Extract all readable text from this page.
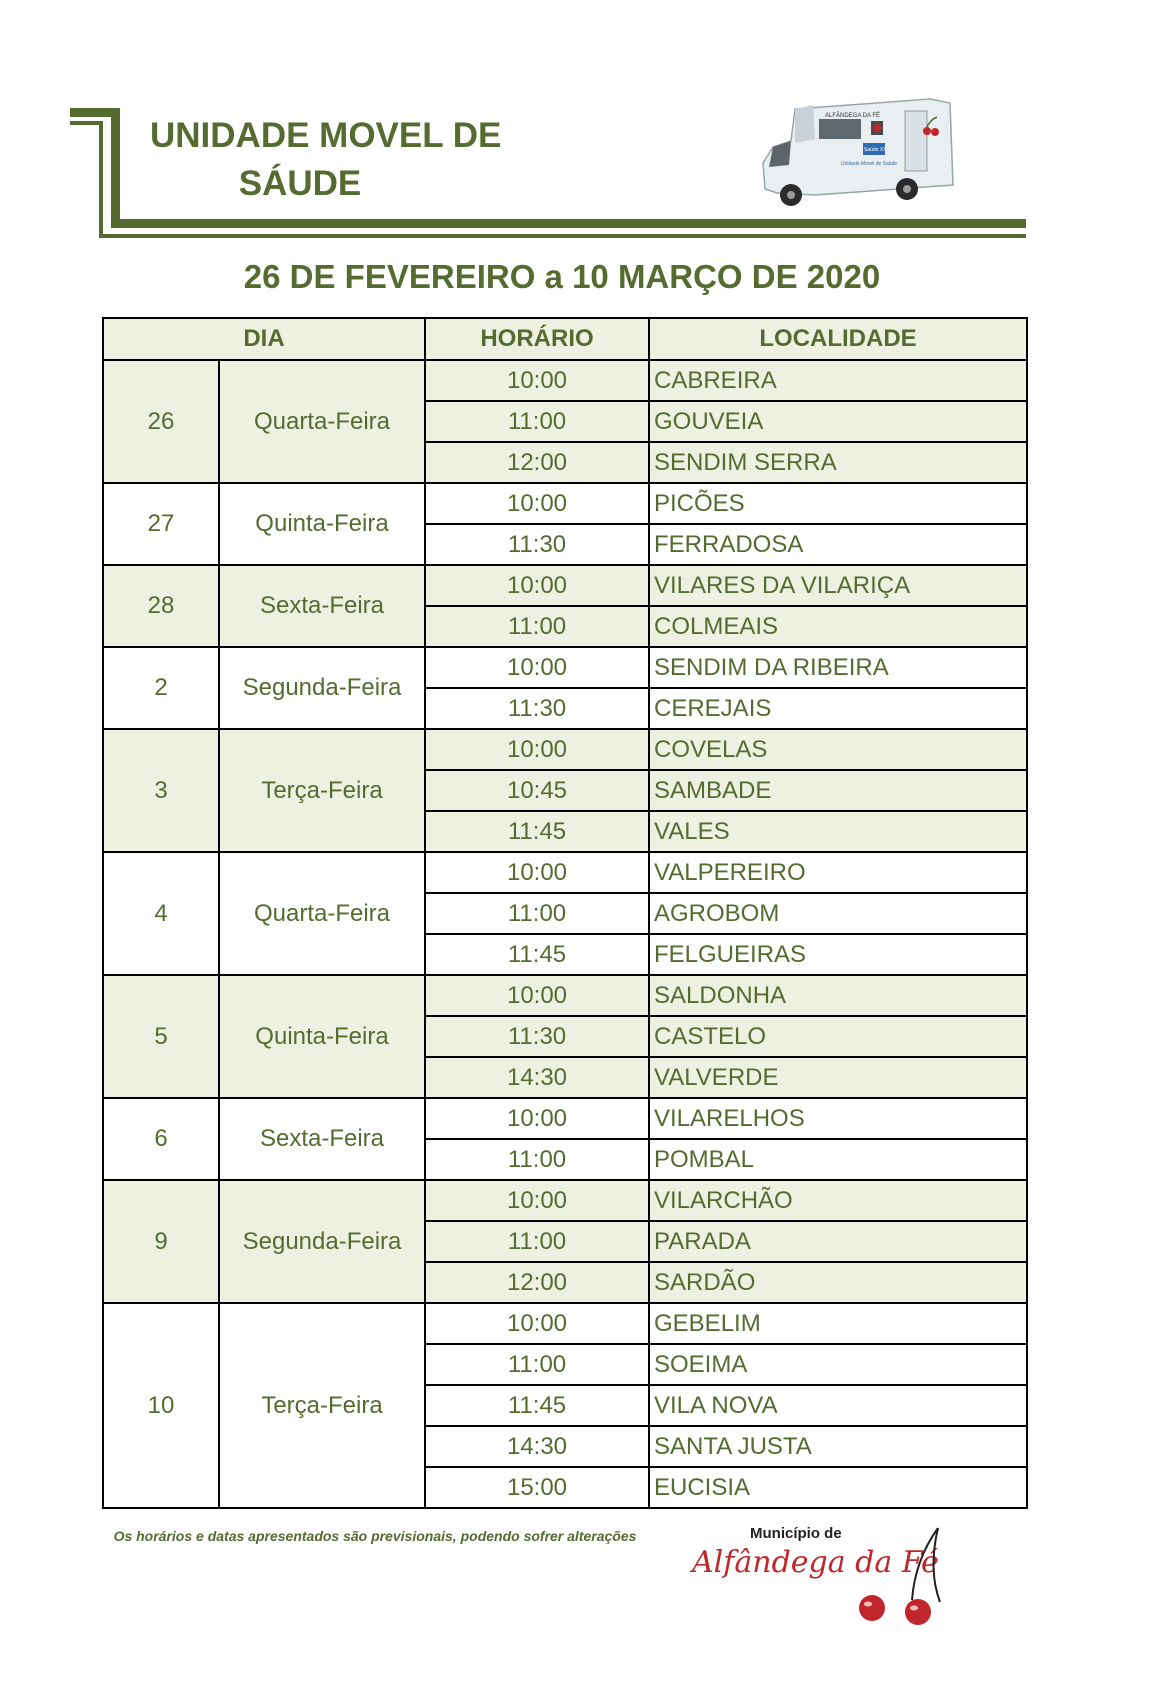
UNIDADE MOVEL DE
SÁUDE
ALFÂNDEGA DA FÉ
Saúde XXI
Unidade Movel de Saúde
26 DE FEVEREIRO a 10 MARÇO DE 2020
DIA		HORÁRIO	LOCALIDADE
26	Quarta-Feira	10:00	CABREIRA
		11:00	GOUVEIA
		12:00	SENDIM SERRA
27	Quinta-Feira	10:00	PICÕES
		11:30	FERRADOSA
28	Sexta-Feira	10:00	VILARES DA VILARIÇA
		11:00	COLMEAIS
2	Segunda-Feira	10:00	SENDIM DA RIBEIRA
		11:30	CEREJAIS
3	Terça-Feira	10:00	COVELAS
		10:45	SAMBADE
		11:45	VALES
4	Quarta-Feira	10:00	VALPEREIRO
		11:00	AGROBOM
		11:45	FELGUEIRAS
5	Quinta-Feira	10:00	SALDONHA
		11:30	CASTELO
		14:30	VALVERDE
6	Sexta-Feira	10:00	VILARELHOS
		11:00	POMBAL
9	Segunda-Feira	10:00	VILARCHÃO
		11:00	PARADA
		12:00	SARDÃO
10	Terça-Feira	10:00	GEBELIM
		11:00	SOEIMA
		11:45	VILA NOVA
		14:30	SANTA JUSTA
		15:00	EUCISIA
Os horários e datas apresentados são previsionais, podendo sofrer alterações	Município de
Alfândega da Fé
